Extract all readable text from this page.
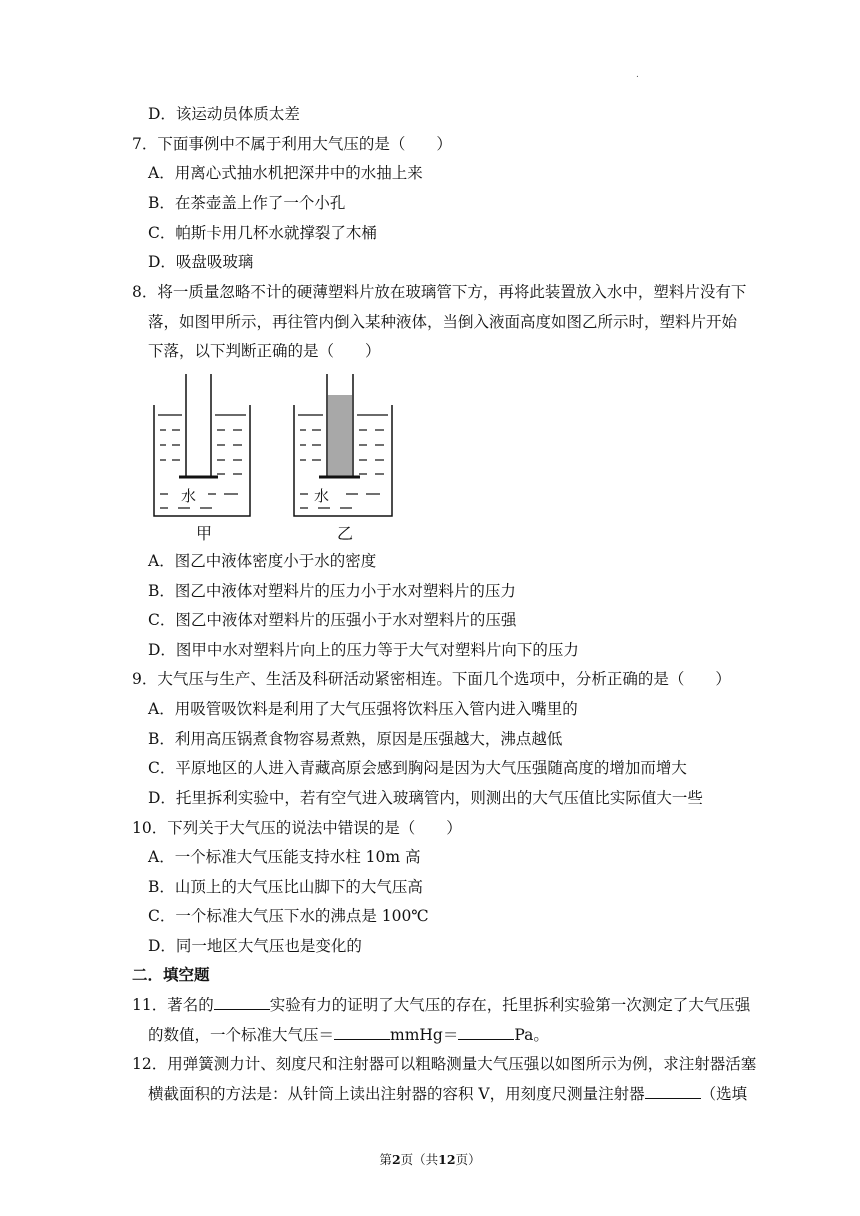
.
D．该运动员体质太差
7．下面事例中不属于利用大气压的是（　　）
A．用离心式抽水机把深井中的水抽上来
B．在茶壶盖上作了一个小孔
C．帕斯卡用几杯水就撑裂了木桶
D．吸盘吸玻璃
8．将一质量忽略不计的硬薄塑料片放在玻璃管下方，再将此装置放入水中，塑料片没有下
落，如图甲所示，再往管内倒入某种液体，当倒入液面高度如图乙所示时，塑料片开始
下落，以下判断正确的是（　　）
水
甲
水
乙
A．图乙中液体密度小于水的密度
B．图乙中液体对塑料片的压力小于水对塑料片的压力
C．图乙中液体对塑料片的压强小于水对塑料片的压强
D．图甲中水对塑料片向上的压力等于大气对塑料片向下的压力
9．大气压与生产、生活及科研活动紧密相连。下面几个选项中，分析正确的是（　　）
A．用吸管吸饮料是利用了大气压强将饮料压入管内进入嘴里的
B．利用高压锅煮食物容易煮熟，原因是压强越大，沸点越低
C．平原地区的人进入青藏高原会感到胸闷是因为大气压强随高度的增加而增大
D．托里拆利实验中，若有空气进入玻璃管内，则测出的大气压值比实际值大一些
10．下列关于大气压的说法中错误的是（　　）
A．一个标准大气压能支持水柱 10m 高
B．山顶上的大气压比山脚下的大气压高
C．一个标准大气压下水的沸点是 100℃
D．同一地区大气压也是变化的
二．填空题
11．著名的	实验有力的证明了大气压的存在，托里拆利实验第一次测定了大气压强
的数值，一个标准大气压＝	mmHg＝	Pa。
12．用弹簧测力计、刻度尺和注射器可以粗略测量大气压强以如图所示为例，求注射器活塞
横截面积的方法是：从针筒上读出注射器的容积 V，用刻度尺测量注射器	（选填
第2页（共12页）
